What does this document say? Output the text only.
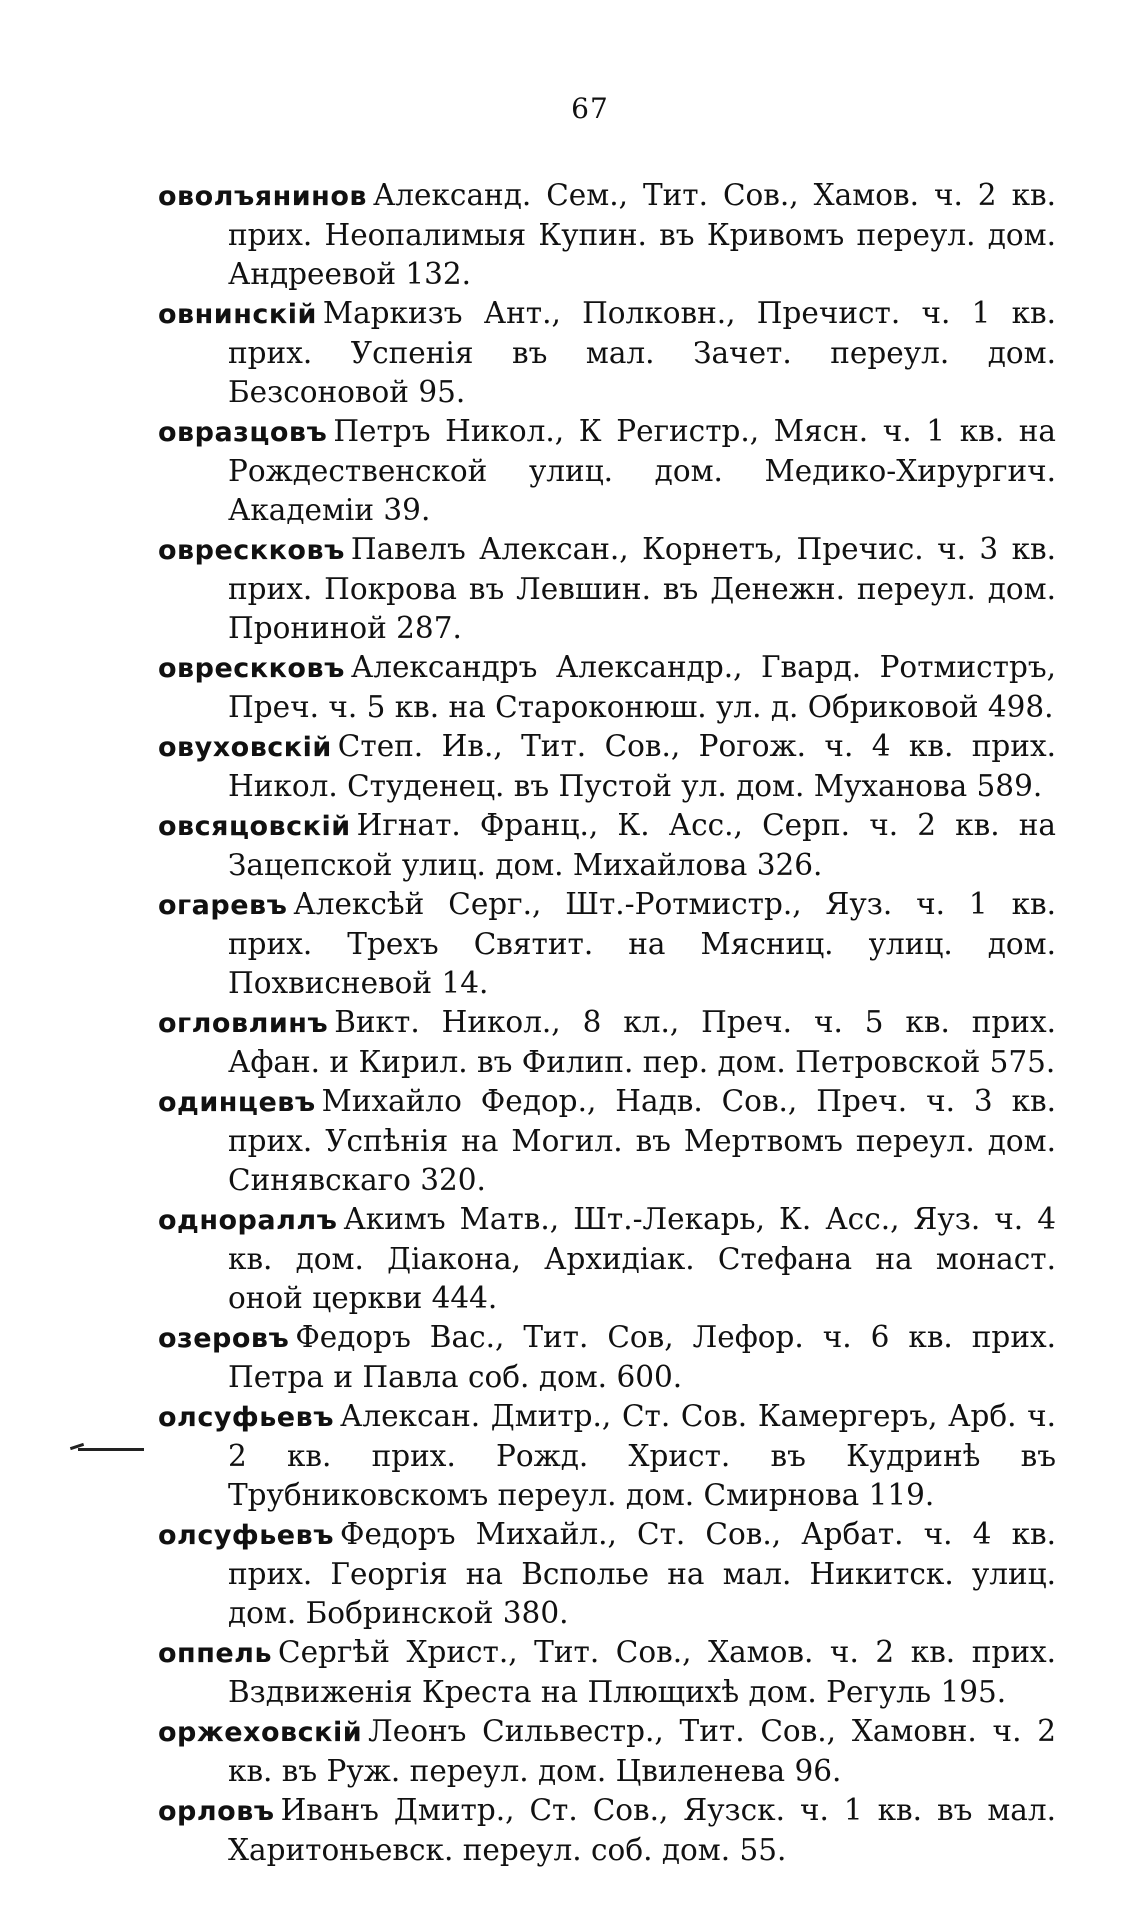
67

оволъянинов Александ. Сем., Тит. Сов., Хамов. ч. 2 кв. прих. Неопалимыя Купин. въ Кривомъ переул. дом. Андреевой 132.

овнинскій Маркизъ Ант., Полковн., Пречист. ч. 1 кв. прих. Успенія въ мал. Зачет. переул. дом. Безсоновой 95.

овразцовъ Петръ Никол., К Регистр., Мясн. ч. 1 кв. на Рождественской улиц. дом. Медико-Хирургич. Академіи 39.

оврескковъ Павелъ Алексан., Корнетъ, Пречис. ч. 3 кв. прих. Покрова въ Левшин. въ Денежн. переул. дом. Прониной 287.

оврескковъ Александръ Александр., Гвард. Ротмистръ, Преч. ч. 5 кв. на Староконюш. ул. д. Обриковой 498.

овуховскій Степ. Ив., Тит. Сов., Рогож. ч. 4 кв. прих. Никол. Студенец. въ Пустой ул. дом. Муханова 589.

овсяцовскій Игнат. Франц., К. Асс., Серп. ч. 2 кв. на Зацепской улиц. дом. Михайлова 326.

огаревъ Алексѣй Серг., Шт.-Ротмистр., Яуз. ч. 1 кв. прих. Трехъ Святит. на Мясниц. улиц. дом. Похвисневой 14.

огловлинъ Викт. Никол., 8 кл., Преч. ч. 5 кв. прих. Афан. и Кирил. въ Филип. пер. дом. Петровской 575.

одинцевъ Михайло Федор., Надв. Сов., Преч. ч. 3 кв. прих. Успѣнія на Могил. въ Мертвомъ переул. дом. Синявскаго 320.

однораллъ Акимъ Матв., Шт.-Лекарь, К. Асс., Яуз. ч. 4 кв. дом. Діакона, Архидіак. Стефана на монаст. оной церкви 444.

озеровъ Федоръ Вас., Тит. Сов, Лефор. ч. 6 кв. прих. Петра и Павла соб. дом. 600.

олсуфьевъ Алексан. Дмитр., Ст. Сов. Камергеръ, Арб. ч. 2 кв. прих. Рожд. Христ. въ Кудринѣ въ Трубниковскомъ переул. дом. Смирнова 119.

олсуфьевъ Федоръ Михайл., Ст. Сов., Арбат. ч. 4 кв. прих. Георгія на Всполье на мал. Никитск. улиц. дом. Бобринской 380.

оппель Сергѣй Христ., Тит. Сов., Хамов. ч. 2 кв. прих. Вздвиженія Креста на Плющихѣ дом. Регуль 195.

оржеховскій Леонъ Сильвестр., Тит. Сов., Хамовн. ч. 2 кв. въ Руж. переул. дом. Цвиленева 96.

орловъ Иванъ Дмитр., Ст. Сов., Яузск. ч. 1 кв. въ мал. Харитоньевск. переул. соб. дом. 55.
